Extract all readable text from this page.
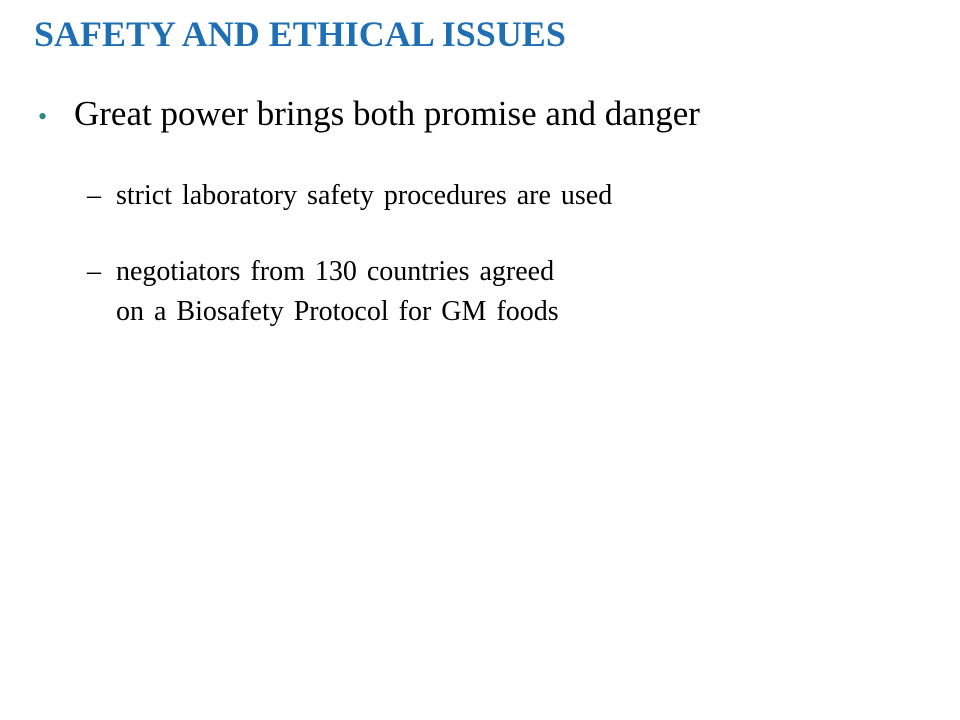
SAFETY AND ETHICAL ISSUES
• Great power brings both promise and danger
– strict laboratory safety procedures are used
– negotiators from 130 countries agreed
on a Biosafety Protocol for GM foods
